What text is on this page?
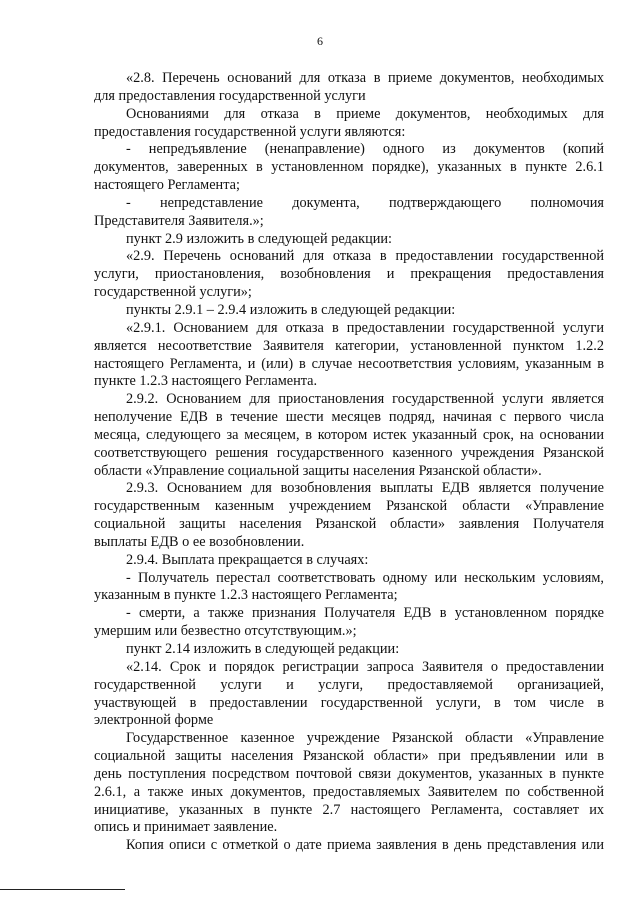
6
«2.8. Перечень оснований для отказа в приеме документов, необходимых
для предоставления государственной услуги
Основаниями для отказа в приеме документов, необходимых для
предоставления государственной услуги являются:
- непредъявление (ненаправление) одного из документов (копий
документов, заверенных в установленном порядке), указанных в пункте 2.6.1
настоящего Регламента;
- непредставление документа, подтверждающего полномочия
Представителя Заявителя.»;
пункт 2.9 изложить в следующей редакции:
«2.9. Перечень оснований для отказа в предоставлении государственной
услуги, приостановления, возобновления и прекращения предоставления
государственной услуги»;
пункты 2.9.1 – 2.9.4 изложить в следующей редакции:
«2.9.1. Основанием для отказа в предоставлении государственной услуги
является несоответствие Заявителя категории, установленной пунктом 1.2.2
настоящего Регламента, и (или) в случае несоответствия условиям, указанным в
пункте 1.2.3 настоящего Регламента.
2.9.2. Основанием для приостановления государственной услуги является
неполучение ЕДВ в течение шести месяцев подряд, начиная с первого числа
месяца, следующего за месяцем, в котором истек указанный срок, на основании
соответствующего решения государственного казенного учреждения Рязанской
области «Управление социальной защиты населения Рязанской области».
2.9.3. Основанием для возобновления выплаты ЕДВ является получение
государственным казенным учреждением Рязанской области «Управление
социальной защиты населения Рязанской области» заявления Получателя
выплаты ЕДВ о ее возобновлении.
2.9.4. Выплата прекращается в случаях:
- Получатель перестал соответствовать одному или нескольким условиям,
указанным в пункте 1.2.3 настоящего Регламента;
- смерти, а также признания Получателя ЕДВ в установленном порядке
умершим или безвестно отсутствующим.»;
пункт 2.14 изложить в следующей редакции:
«2.14. Срок и порядок регистрации запроса Заявителя о предоставлении
государственной услуги и услуги, предоставляемой организацией,
участвующей в предоставлении государственной услуги, в том числе в
электронной форме
Государственное казенное учреждение Рязанской области «Управление
социальной защиты населения Рязанской области» при предъявлении или в
день поступления посредством почтовой связи документов, указанных в пункте
2.6.1, а также иных документов, предоставляемых Заявителем по собственной
инициативе, указанных в пункте 2.7 настоящего Регламента, составляет их
опись и принимает заявление.
Копия описи с отметкой о дате приема заявления в день представления или
